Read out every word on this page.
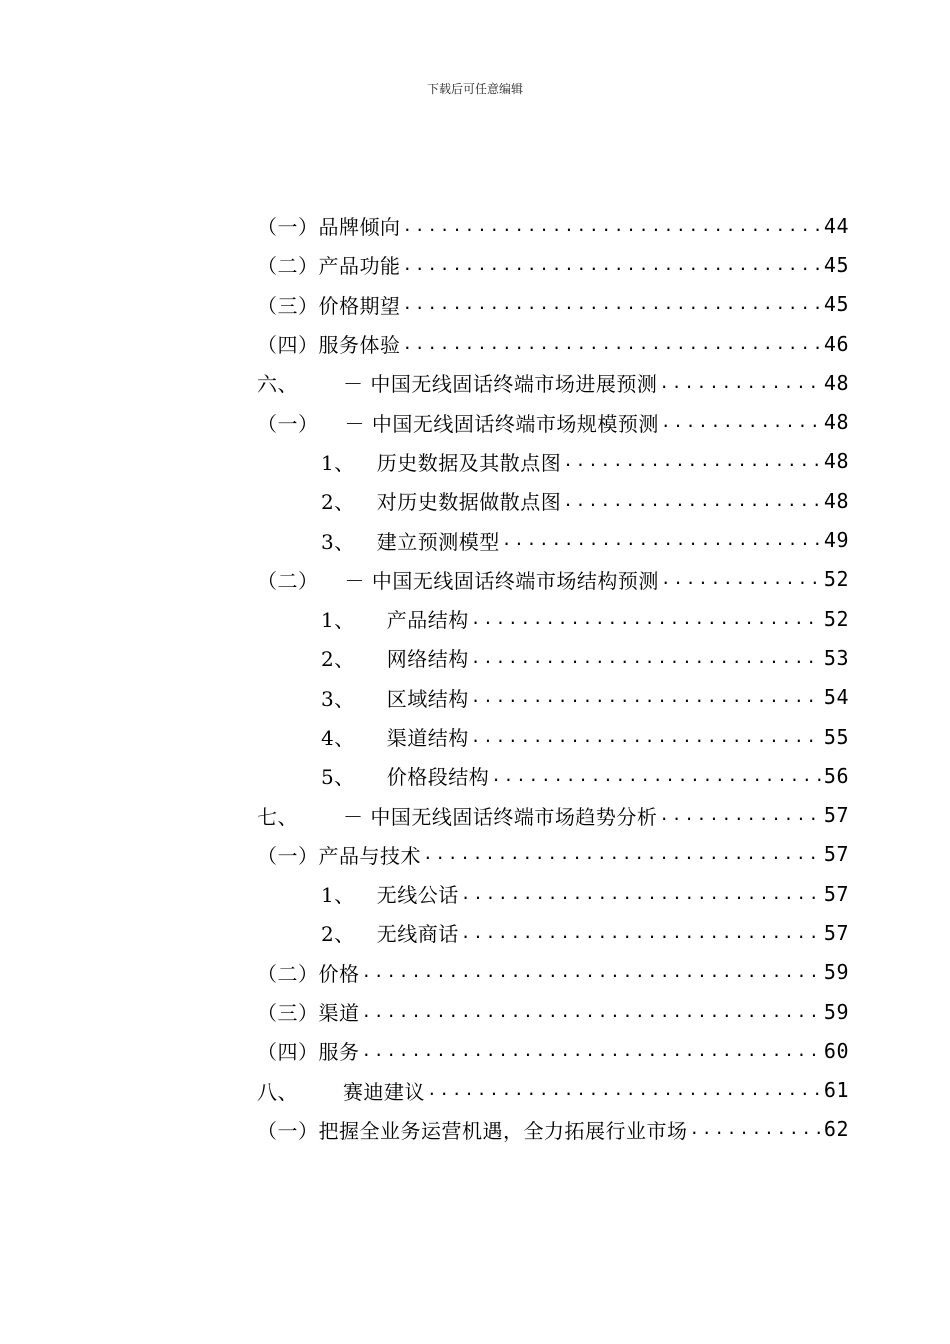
下载后可任意编辑
（一）品牌倾向 .....	44
（二）产品功能 .....	45
（三）价格期望 .....	45
（四）服务体验 .....	46
六、 － 中国无线固话终端市场进展预测 .....	48
（一） － 中国无线固话终端市场规模预测 .....	48
1、 历史数据及其散点图 .....	48
2、 对历史数据做散点图 .....	48
3、 建立预测模型 .....	49
（二） － 中国无线固话终端市场结构预测 .....	52
1、 产品结构 .....	52
2、 网络结构 .....	53
3、 区域结构 .....	54
4、 渠道结构 .....	55
5、 价格段结构 .....	56
七、 － 中国无线固话终端市场趋势分析 .....	57
（一）产品与技术 .....	57
1、 无线公话 .....	57
2、 无线商话 .....	57
（二）价格 .....	59
（三）渠道 .....	59
（四）服务 .....	60
八、 赛迪建议 .....	61
（一）把握全业务运营机遇，全力拓展行业市场 .....	62
